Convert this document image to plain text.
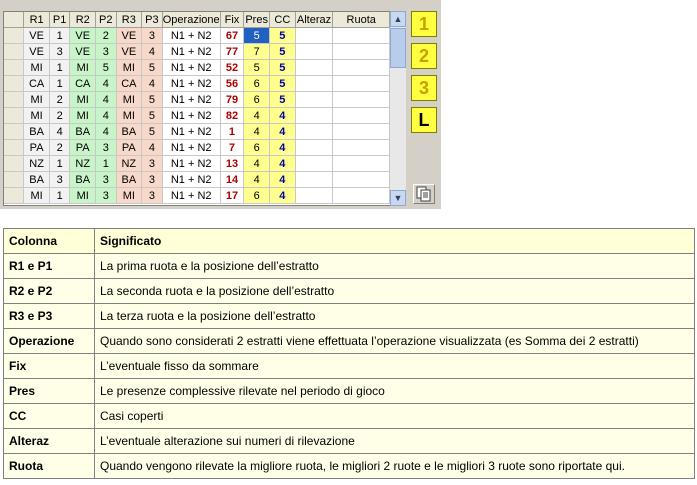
	R1	P1	R2	P2	R3	P3	Operazione	Fix	Pres	CC	Alteraz	Ruota
	VE	1	VE	2	VE	3	N1 + N2	67	5	5		
	VE	3	VE	3	VE	4	N1 + N2	77	7	5		
	MI	1	MI	5	MI	5	N1 + N2	52	5	5		
	CA	1	CA	4	CA	4	N1 + N2	56	6	5		
	MI	2	MI	4	MI	5	N1 + N2	79	6	5		
	MI	2	MI	4	MI	5	N1 + N2	82	4	4		
	BA	4	BA	4	BA	5	N1 + N2	1	4	4		
	PA	2	PA	3	PA	4	N1 + N2	7	6	4		
	NZ	1	NZ	1	NZ	3	N1 + N2	13	4	4		
	BA	3	BA	3	BA	3	N1 + N2	14	4	4		
	MI	1	MI	3	MI	3	N1 + N2	17	6	4		
▲
▼
1
2
3
L
Colonna	Significato
R1 e P1	La prima ruota e la posizione dell’estratto
R2 e P2	La seconda ruota e la posizione dell’estratto
R3 e P3	La terza ruota e la posizione dell’estratto
Operazione	Quando sono considerati 2 estratti viene effettuata l’operazione visualizzata (es Somma dei 2 estratti)
Fix	L’eventuale fisso da sommare
Pres	Le presenze complessive rilevate nel periodo di gioco
CC	Casi coperti
Alteraz	L’eventuale alterazione sui numeri di rilevazione
Ruota	Quando vengono rilevate la migliore ruota, le migliori 2 ruote e le migliori 3 ruote sono riportate qui.
